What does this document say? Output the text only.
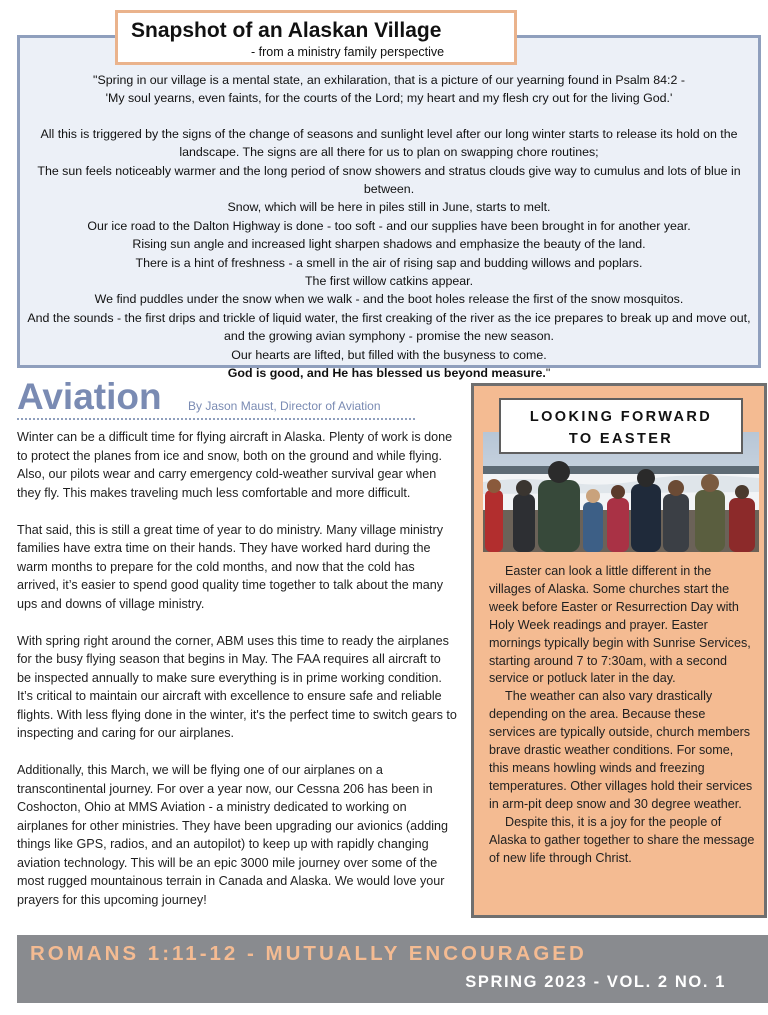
Snapshot of an Alaskan Village
- from a ministry family perspective

"Spring in our village is a mental state, an exhilaration, that is a picture of our yearning found in Psalm 84:2 -

'My soul yearns, even faints, for the courts of the Lord; my heart and my flesh cry out for the living God.'

All this is triggered by the signs of the change of seasons and sunlight level after our long winter starts to release its hold on the landscape. The signs are all there for us to plan on swapping chore routines;

The sun feels noticeably warmer and the long period of snow showers and stratus clouds give way to cumulus and lots of blue in between.

Snow, which will be here in piles still in June, starts to melt.

Our ice road to the Dalton Highway is done - too soft - and our supplies have been brought in for another year.

Rising sun angle and increased light sharpen shadows and emphasize the beauty of the land.

There is a hint of freshness - a smell in the air of rising sap and budding willows and poplars.

The first willow catkins appear.

We find puddles under the snow when we walk - and the boot holes release the first of the snow mosquitos.

And the sounds - the first drips and trickle of liquid water, the first creaking of the river as the ice prepares to break up and move out, and the growing avian symphony - promise the new season.

Our hearts are lifted, but filled with the busyness to come.

God is good, and He has blessed us beyond measure."

Aviation By Jason Maust, Director of Aviation

Winter can be a difficult time for flying aircraft in Alaska. Plenty of work is done to protect the planes from ice and snow, both on the ground and while flying. Also, our pilots wear and carry emergency cold-weather survival gear when they fly. This makes traveling much less comfortable and more difficult.

That said, this is still a great time of year to do ministry. Many village ministry families have extra time on their hands. They have worked hard during the warm months to prepare for the cold months, and now that the cold has arrived, it’s easier to spend good quality time together to talk about the many ups and downs of village ministry.

With spring right around the corner, ABM uses this time to ready the airplanes for the busy flying season that begins in May. The FAA requires all aircraft to be inspected annually to make sure everything is in prime working condition. It’s critical to maintain our aircraft with excellence to ensure safe and reliable flights. With less flying done in the winter, it's the perfect time to switch gears to inspecting and caring for our airplanes.

Additionally, this March, we will be flying one of our airplanes on a transcontinental journey. For over a year now, our Cessna 206 has been in Coshocton, Ohio at MMS Aviation - a ministry dedicated to working on airplanes for other ministries. They have been upgrading our avionics (adding things like GPS, radios, and an autopilot) to keep up with rapidly changing aviation technology. This will be an epic 3000 mile journey over some of the most rugged mountainous terrain in Canada and Alaska. We would love your prayers for this upcoming journey!

LOOKING FORWARD
TO EASTER

Easter can look a little different in the villages of Alaska. Some churches start the week before Easter or Resurrection Day with Holy Week readings and prayer. Easter mornings typically begin with Sunrise Services, starting around 7 to 7:30am, with a second service or potluck later in the day.

The weather can also vary drastically depending on the area. Because these services are typically outside, church members brave drastic weather conditions. For some, this means howling winds and freezing temperatures. Other villages hold their services in arm-pit deep snow and 30 degree weather.

Despite this, it is a joy for the people of Alaska to gather together to share the message of new life through Christ.

ROMANS 1:11-12 - MUTUALLY ENCOURAGED
SPRING 2023 - VOL. 2 NO. 1
